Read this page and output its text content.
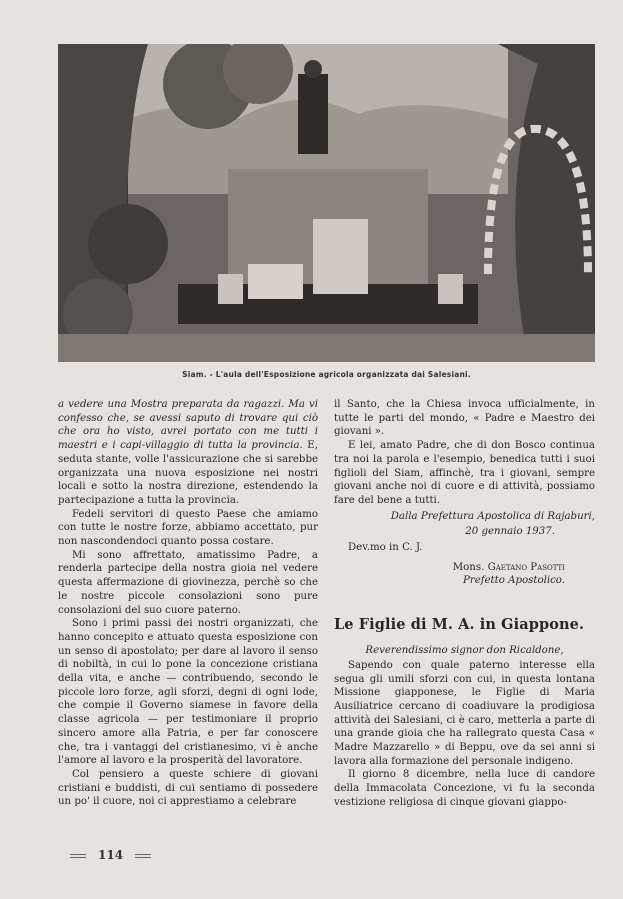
Siam. - L'aula dell'Esposizione agricola organizzata dai Salesiani.

a vedere una Mostra preparata da ragazzi. Ma vi confesso che, se avessi saputo di trovare qui ciò che ora ho visto, avrei portato con me tutti i maestri e i capi-villaggio di tutta la provincia. E, seduta stante, volle l'assicurazione che si sarebbe organizzata una nuova esposizione nei nostri locali e sotto la nostra direzione, estendendo la partecipazione a tutta la provincia.

Fedeli servitori di questo Paese che amiamo con tutte le nostre forze, abbiamo accettato, pur non nascondendoci quanto possa costare.

Mi sono affrettato, amatissimo Padre, a renderla partecipe della nostra gioia nel vedere questa affermazione di giovinezza, perchè so che le nostre piccole consolazioni sono pure consolazioni del suo cuore paterno.

Sono i primi passi dei nostri organizzati, che hanno concepito e attuato questa esposizione con un senso di apostolato; per dare al lavoro il senso di nobiltà, in cui lo pone la concezione cristiana della vita, e anche — contribuendo, secondo le piccole loro forze, agli sforzi, degni di ogni lode, che compie il Governo siamese in favore della classe agricola — per testimoniare il proprio sincero amore alla Patria, e per far conoscere che, tra i vantaggi del cristianesimo, vi è anche l'amore al lavoro e la prosperità del lavoratore.

Col pensiero a queste schiere di giovani cristiani e buddisti, di cui sentiamo di possedere un po' il cuore, noi ci apprestiamo a celebrare

il Santo, che la Chiesa invoca ufficialmente, in tutte le parti del mondo, « Padre e Maestro dei giovani ».

E lei, amato Padre, che di don Bosco continua tra noi la parola e l'esempio, benedica tutti i suoi figlioli del Siam, affinchè, tra i giovani, sempre giovani anche noi di cuore e di attività, possiamo fare del bene a tutti.

Dalla Prefettura Apostolica di Rajaburi,

20 gennaio 1937.

Dev.mo in C. J.

Mons. Gaetano Pasotti

Prefetto Apostolico.

Le Figlie di M. A. in Giappone.

Reverendissimo signor don Ricaldone,

Sapendo con quale paterno interesse ella segua gli umili sforzi con cui, in questa lontana Missione giapponese, le Figlie di Maria Ausiliatrice cercano di coadiuvare la prodigiosa attività dei Salesiani, ci è caro, metterla a parte di una grande gioia che ha rallegrato questa Casa « Madre Mazzarello » di Beppu, ove da sei anni si lavora alla formazione del personale indigeno.

Il giorno 8 dicembre, nella luce di candore della Immacolata Concezione, vi fu la seconda vestizione religiosa di cinque giovani giappo-

114
